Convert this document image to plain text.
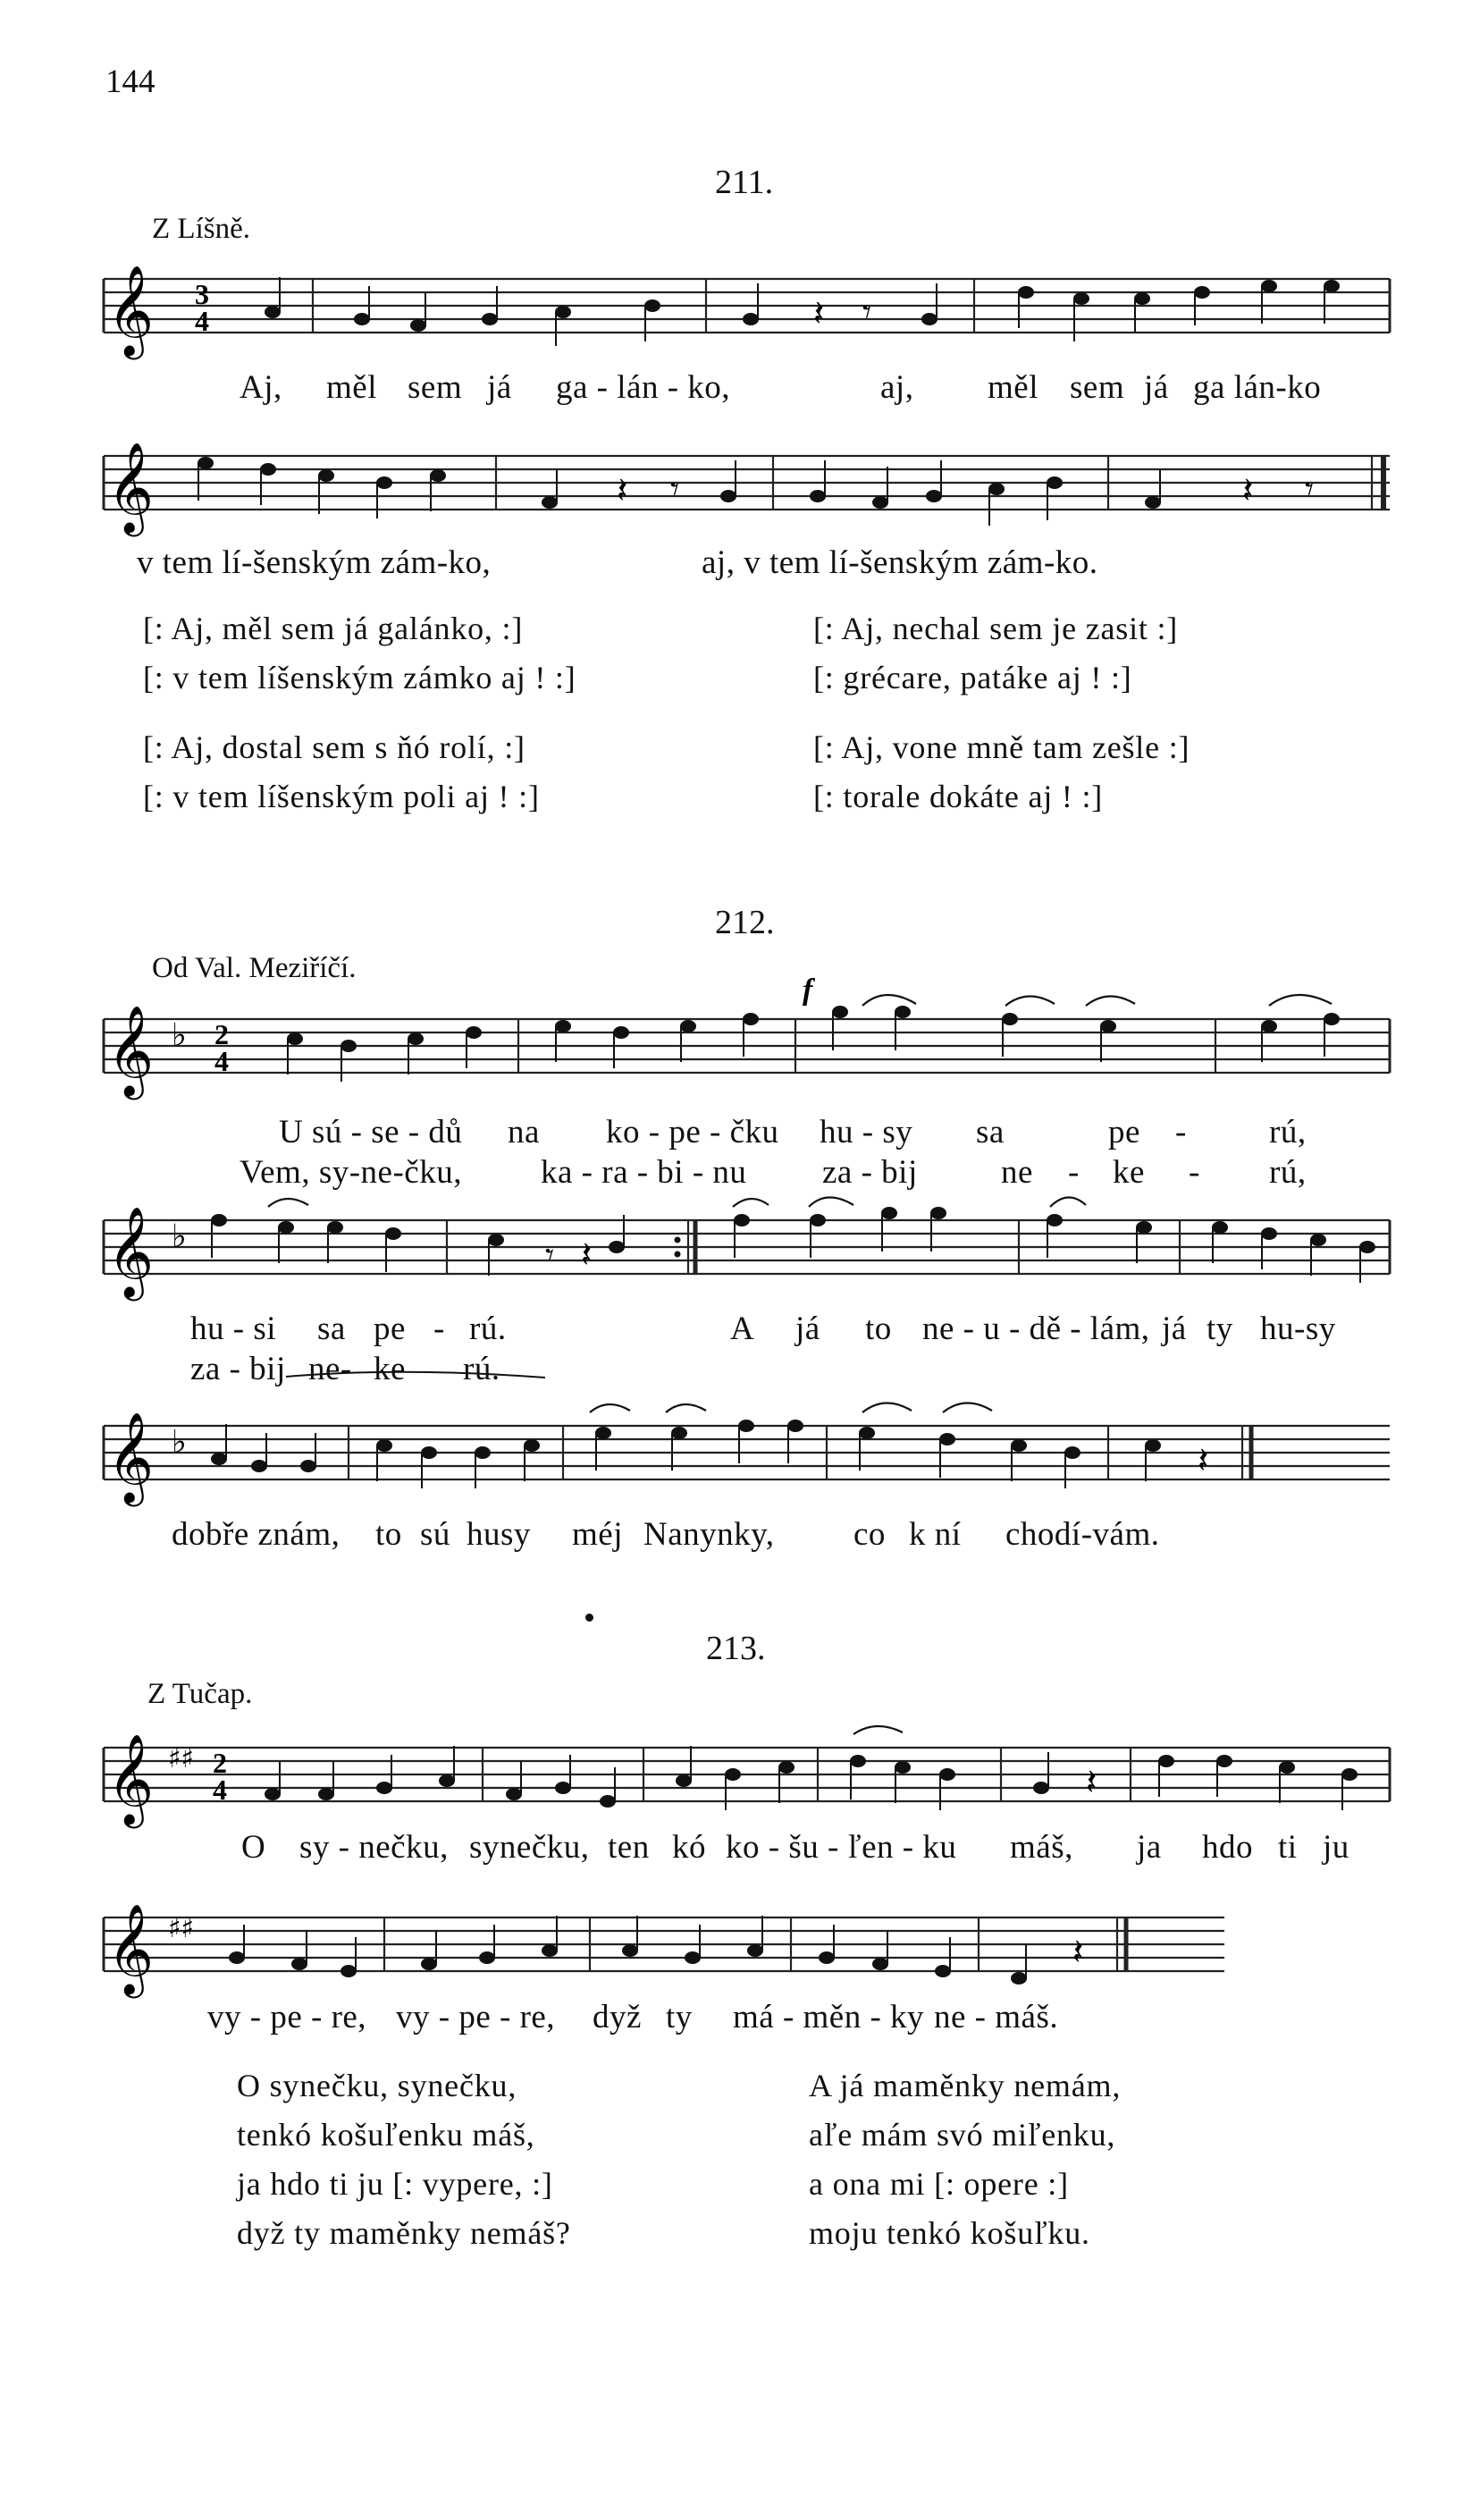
144
211.
Z Líšně.
𝄞 3
4	𝄽 𝄾
Aj, měl sem já ga - lán - ko,	aj, měl sem já ga lán-ko
𝄞	𝄽 𝄾	𝄽 𝄾
v tem lí-šenským zám-ko,	aj, v tem lí-šenským zám-ko.
[: Aj, měl sem já galánko, :]
[: v tem líšenským zámko aj ! :]
[: Aj, dostal sem s ňó rolí, :]
[: v tem líšenským poli aj ! :]
[: Aj, nechal sem je zasit :]
[: grécare, patáke aj ! :]
[: Aj, vone mně tam zešle :]
[: torale dokáte aj ! :]
212.
Od Val. Meziříčí.
𝄞 ♭ 2
4
f
U sú - se - dů na ko - pe - čku hu - sy sa	pe - rú,
Vem, sy-ne-čku, ka - ra - bi - nu za - bij	ne - ke - rú,
𝄞 ♭	𝄾 𝄽
hu - si sa pe - rú.	A já to ne - u - dě - lám, já ty hu-sy
za - bij ne- ke rú.
𝄞 ♭	𝄽
dobře znám, to sú husy méj Nanynky, co k ní chodí-vám.
213.
Z Tučap.
𝄞 ♯♯ 2
4	𝄽
O sy - nečku, synečku, ten kó ko - šu - ľen - ku máš, ja hdo ti ju
𝄞 ♯♯
𝄽
vy - pe - re, vy - pe - re, dyž ty má - měn - ky ne - máš.
O synečku, synečku,
tenkó košuľenku máš,
ja hdo ti ju [: vypere, :]
dyž ty maměnky nemáš?
A já maměnky nemám,
aľe mám svó miľenku,
a ona mi [: opere :]
moju tenkó košuľku.
